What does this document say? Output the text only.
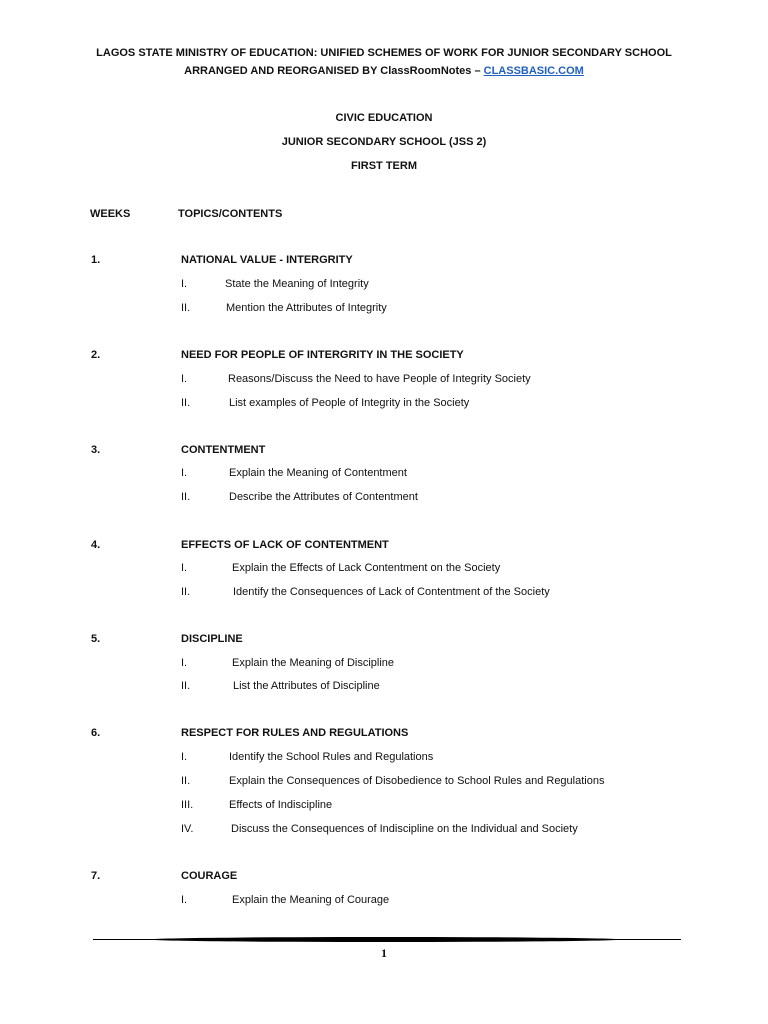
LAGOS STATE MINISTRY OF EDUCATION: UNIFIED SCHEMES OF WORK FOR JUNIOR SECONDARY SCHOOL
ARRANGED AND REORGANISED BY ClassRoomNotes – CLASSBASIC.COM
CIVIC EDUCATION
JUNIOR SECONDARY SCHOOL (JSS 2)
FIRST TERM
WEEKS	TOPICS/CONTENTS
1.	NATIONAL VALUE - INTERGRITY
I.	State the Meaning of Integrity
II.	Mention the Attributes of Integrity
2.	NEED FOR PEOPLE OF INTERGRITY IN THE SOCIETY
I.	Reasons/Discuss the Need to have People of Integrity Society
II.	List examples of People of Integrity in the Society
3.	CONTENTMENT
I.	Explain the Meaning of Contentment
II.	Describe the Attributes of Contentment
4.	EFFECTS OF LACK OF CONTENTMENT
I.	Explain the Effects of Lack Contentment on the Society
II.	Identify the Consequences of Lack of Contentment of the Society
5.	DISCIPLINE
I.	Explain the Meaning of Discipline
II.	List the Attributes of Discipline
6.	RESPECT FOR RULES AND REGULATIONS
I.	Identify the School Rules and Regulations
II.	Explain the Consequences of Disobedience to School Rules and Regulations
III.	Effects of Indiscipline
IV.	Discuss the Consequences of Indiscipline on the Individual and Society
7.	COURAGE
I.	Explain the Meaning of Courage
1
